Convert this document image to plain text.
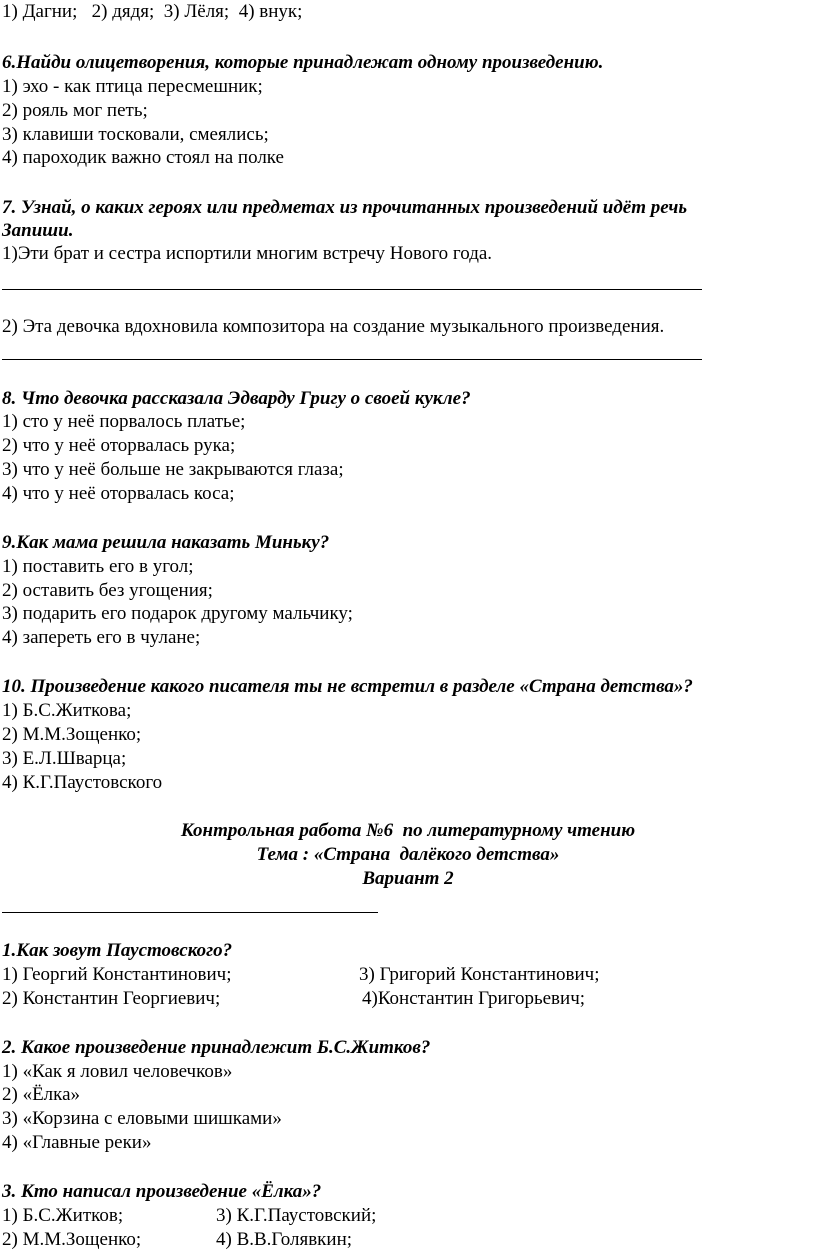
1) Дагни;   2) дядя;  3) Лёля;  4) внук;
6.Найди олицетворения, которые принадлежат одному произведению.
1) эхо - как птица пересмешник;
2) рояль мог петь;
3) клавиши тосковали, смеялись;
4) пароходик важно стоял на полке
7. Узнай, о каких героях или предметах из прочитанных произведений идёт речь
Запиши.
1)Эти брат и сестра испортили многим встречу Нового года.
2) Эта девочка вдохновила композитора на создание музыкального произведения.
8. Что девочка рассказала Эдварду Григу о своей кукле?
1) сто у неё порвалось платье;
2) что у неё оторвалась рука;
3) что у неё больше не закрываются глаза;
4) что у неё оторвалась коса;
9.Как мама решила наказать Миньку?
1) поставить его в угол;
2) оставить без угощения;
3) подарить его подарок другому мальчику;
4) запереть его в чулане;
10. Произведение какого писателя ты не встретил в разделе «Страна детства»?
1) Б.С.Житкова;
2) М.М.Зощенко;
3) Е.Л.Шварца;
4) К.Г.Паустовского
Контрольная работа №6  по литературному чтению
Тема : «Страна  далёкого детства»
Вариант 2
1.Как зовут Паустовского?
1) Георгий Константинович;	3) Григорий Константинович;
2) Константин Георгиевич;	4)Константин Григорьевич;
2. Какое произведение принадлежит Б.С.Житков?
1) «Как я ловил человечков»
2) «Ёлка»
3) «Корзина с еловыми шишками»
4) «Главные реки»
3. Кто написал произведение «Ёлка»?
1) Б.С.Житков;	3) К.Г.Паустовский;
2) М.М.Зощенко;	4) В.В.Голявкин;
